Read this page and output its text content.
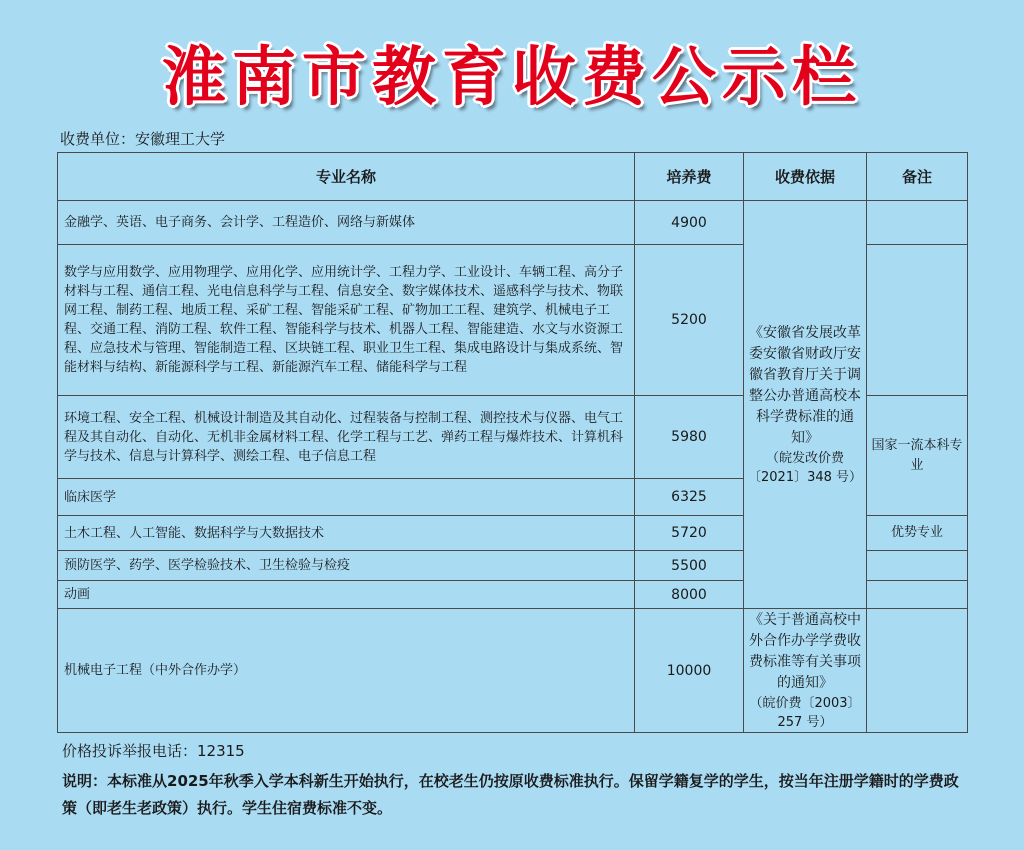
淮南市教育收费公示栏
收费单位：安徽理工大学
专业名称	培养费	收费依据	备注
金融学、英语、电子商务、会计学、工程造价、网络与新媒体	4900	《安徽省发展改革委安徽省财政厅安徽省教育厅关于调整公办普通高校本科学费标准的通知》
（皖发改价费〔2021〕348 号）	

数学与应用数学、应用物理学、应用化学、应用统计学、工程力学、工业设计、车辆工程、高分子材料与工程、通信工程、光电信息科学与工程、信息安全、数字媒体技术、遥感科学与技术、物联网工程、制药工程、地质工程、采矿工程、智能采矿工程、矿物加工工程、建筑学、机械电子工程、交通工程、消防工程、软件工程、智能科学与技术、机器人工程、智能建造、水文与水资源工程、应急技术与管理、智能制造工程、区块链工程、职业卫生工程、集成电路设计与集成系统、智能材料与结构、新能源科学与工程、新能源汽车工程、储能科学与工程	5200		
环境工程、安全工程、机械设计制造及其自动化、过程装备与控制工程、测控技术与仪器、电气工程及其自动化、自动化、无机非金属材料工程、化学工程与工艺、弹药工程与爆炸技术、计算机科学与技术、信息与计算科学、测绘工程、电子信息工程	5980		国家一流本科专业
临床医学	6325		
土木工程、人工智能、数据科学与大数据技术	5720		优势专业
预防医学、药学、医学检验技术、卫生检验与检疫	5500		
动画	8000		
机械电子工程（中外合作办学）	10000	《关于普通高校中外合作办学学费收费标准等有关事项的通知》
（皖价费〔2003〕257 号）	

价格投诉举报电话：12315
说明：本标准从2025年秋季入学本科新生开始执行，在校老生仍按原收费标准执行。保留学籍复学的学生，按当年注册学籍时的学费政策（即老生老政策）执行。学生住宿费标准不变。
